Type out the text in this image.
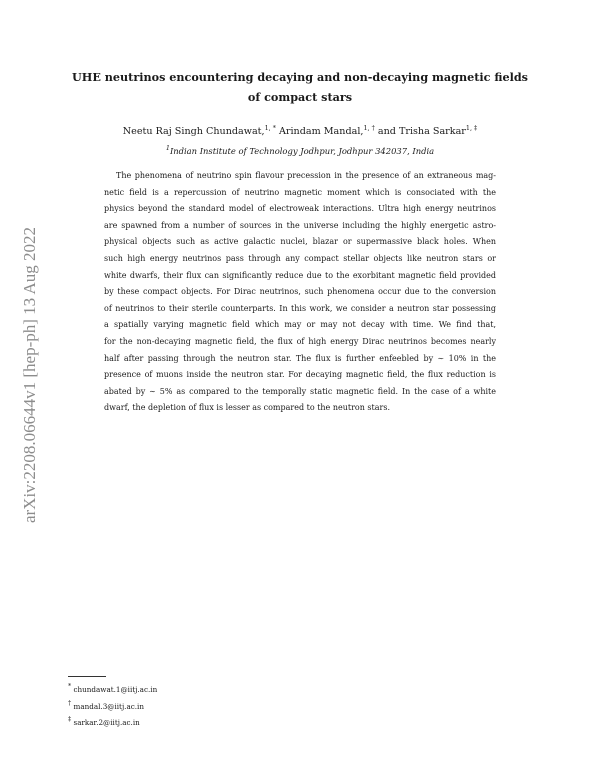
arXiv:2208.06644v1 [hep-ph] 13 Aug 2022
UHE neutrinos encountering decaying and non-decaying magnetic fields of compact stars
Neetu Raj Singh Chundawat,$^{1, *}$ Arindam Mandal,$^{1, \dagger}$ and Trisha Sarkar$^{1, \ddagger}$
$^1$Indian Institute of Technology Jodhpur, Jodhpur 342037, India
The phenomena of neutrino spin flavour precession in the presence of an extraneous mag-
netic field is a repercussion of neutrino magnetic moment which is consociated with the
physics beyond the standard model of electroweak interactions. Ultra high energy neutrinos
are spawned from a number of sources in the universe including the highly energetic astro-
physical objects such as active galactic nuclei, blazar or supermassive black holes. When
such high energy neutrinos pass through any compact stellar objects like neutron stars or
white dwarfs, their flux can significantly reduce due to the exorbitant magnetic field provided
by these compact objects. For Dirac neutrinos, such phenomena occur due to the conversion
of neutrinos to their sterile counterparts. In this work, we consider a neutron star possessing
a spatially varying magnetic field which may or may not decay with time. We find that,
for the non-decaying magnetic field, the flux of high energy Dirac neutrinos becomes nearly
half after passing through the neutron star. The flux is further enfeebled by ∼ 10% in the
presence of muons inside the neutron star. For decaying magnetic field, the flux reduction is
abated by ∼ 5% as compared to the temporally static magnetic field. In the case of a white
dwarf, the depletion of flux is lesser as compared to the neutron stars.
* chundawat.1@iitj.ac.in
† mandal.3@iitj.ac.in
‡ sarkar.2@iitj.ac.in
